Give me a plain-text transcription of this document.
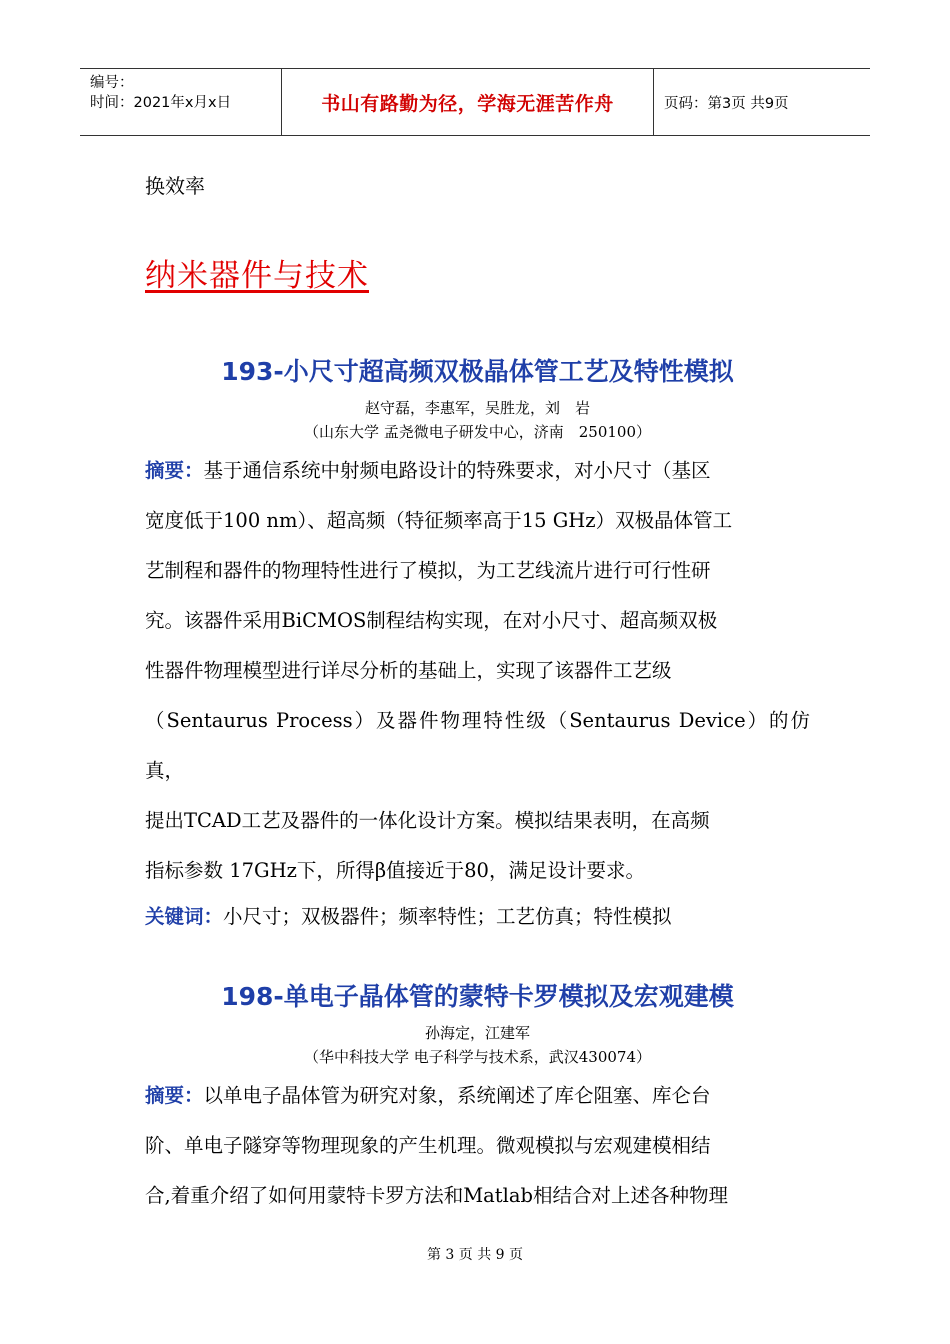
编号：
时间：2021年x月x日	书山有路勤为径，学海无涯苦作舟	页码：第3页 共9页
换效率
纳米器件与技术
193-小尺寸超高频双极晶体管工艺及特性模拟

赵守磊，李惠军，吴胜龙，刘　岩

（山东大学 孟尧微电子研发中心，济南　250100）

摘要：基于通信系统中射频电路设计的特殊要求，对小尺寸（基区

宽度低于100 nm）、超高频（特征频率高于15 GHz）双极晶体管工

艺制程和器件的物理特性进行了模拟，为工艺线流片进行可行性研

究。该器件采用BiCMOS制程结构实现，在对小尺寸、超高频双极

性器件物理模型进行详尽分析的基础上，实现了该器件工艺级

（Sentaurus Process）及器件物理特性级（Sentaurus Device）的仿真，

提出TCAD工艺及器件的一体化设计方案。模拟结果表明，在高频

指标参数 17GHz下，所得β值接近于80，满足设计要求。

关键词：小尺寸；双极器件；频率特性；工艺仿真；特性模拟
198-单电子晶体管的蒙特卡罗模拟及宏观建模

孙海定，江建军

（华中科技大学 电子科学与技术系，武汉430074）

摘要：以单电子晶体管为研究对象，系统阐述了库仑阻塞、库仑台

阶、单电子隧穿等物理现象的产生机理。微观模拟与宏观建模相结

合,着重介绍了如何用蒙特卡罗方法和Matlab相结合对上述各种物理

第 3 页 共 9 页
